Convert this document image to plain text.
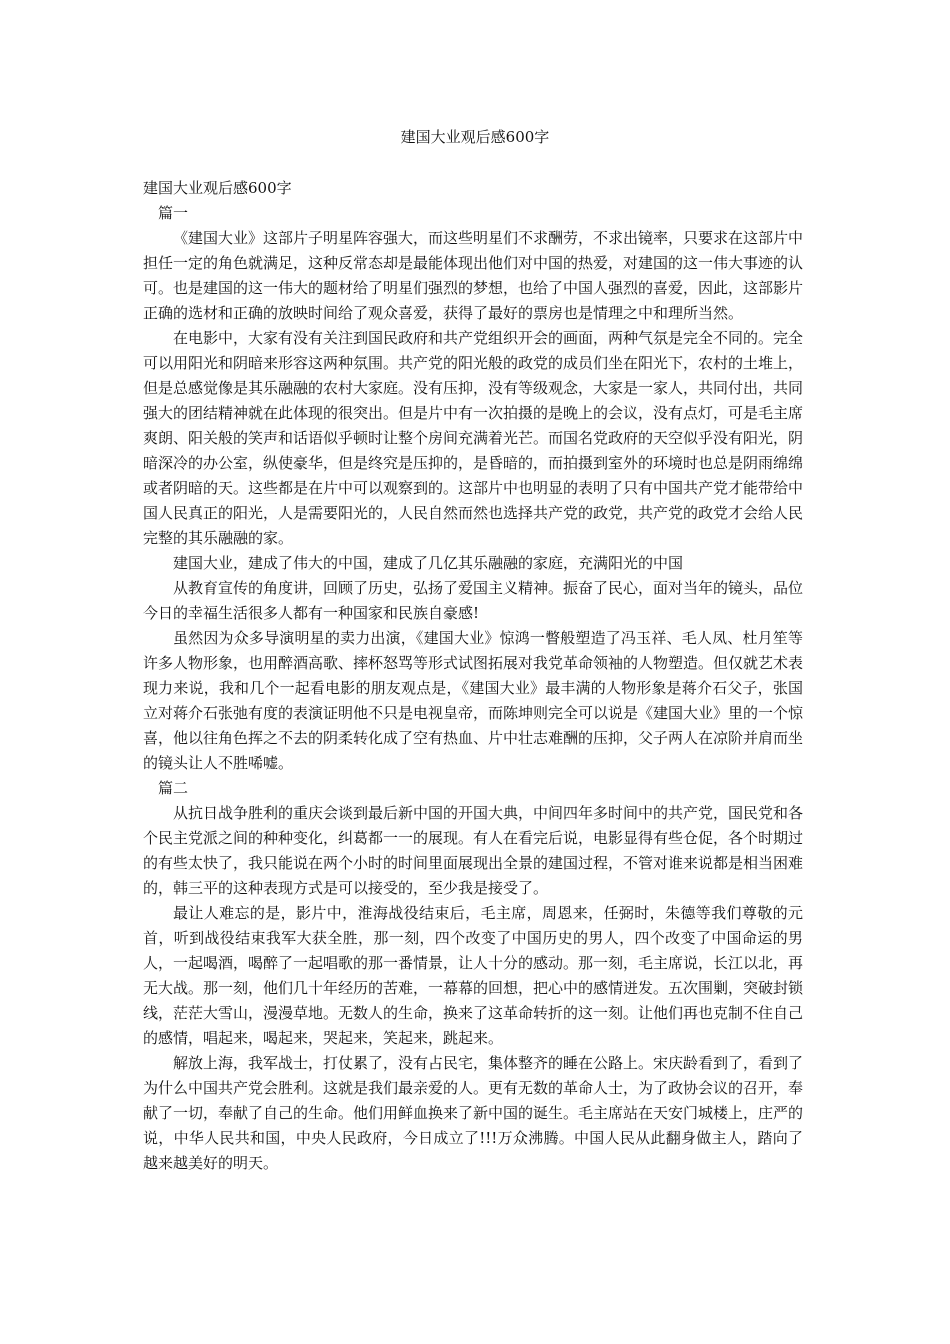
建国大业观后感600字

建国大业观后感600字

篇一

《建国大业》这部片子明星阵容强大，而这些明星们不求酬劳，不求出镜率，只要求在这部片中担任一定的角色就满足，这种反常态却是最能体现出他们对中国的热爱，对建国的这一伟大事迹的认可。也是建国的这一伟大的题材给了明星们强烈的梦想，也给了中国人强烈的喜爱，因此，这部影片正确的选材和正确的放映时间给了观众喜爱，获得了最好的票房也是情理之中和理所当然。

在电影中，大家有没有关注到国民政府和共产党组织开会的画面，两种气氛是完全不同的。完全可以用阳光和阴暗来形容这两种氛围。共产党的阳光般的政党的成员们坐在阳光下，农村的土堆上，但是总感觉像是其乐融融的农村大家庭。没有压抑，没有等级观念，大家是一家人，共同付出，共同强大的团结精神就在此体现的很突出。但是片中有一次拍摄的是晚上的会议，没有点灯，可是毛主席爽朗、阳关般的笑声和话语似乎顿时让整个房间充满着光芒。而国名党政府的天空似乎没有阳光，阴暗深冷的办公室，纵使豪华，但是终究是压抑的，是昏暗的，而拍摄到室外的环境时也总是阴雨绵绵或者阴暗的天。这些都是在片中可以观察到的。这部片中也明显的表明了只有中国共产党才能带给中国人民真正的阳光，人是需要阳光的，人民自然而然也选择共产党的政党，共产党的政党才会给人民完整的其乐融融的家。

建国大业，建成了伟大的中国，建成了几亿其乐融融的家庭，充满阳光的中国

从教育宣传的角度讲，回顾了历史，弘扬了爱国主义精神。振奋了民心，面对当年的镜头，品位今日的幸福生活很多人都有一种国家和民族自豪感!

虽然因为众多导演明星的卖力出演，《建国大业》惊鸿一瞥般塑造了冯玉祥、毛人凤、杜月笙等许多人物形象，也用醉酒高歌、摔杯怒骂等形式试图拓展对我党革命领袖的人物塑造。但仅就艺术表现力来说，我和几个一起看电影的朋友观点是，《建国大业》最丰满的人物形象是蒋介石父子，张国立对蒋介石张弛有度的表演证明他不只是电视皇帝，而陈坤则完全可以说是《建国大业》里的一个惊喜，他以往角色挥之不去的阴柔转化成了空有热血、片中壮志难酬的压抑，父子两人在凉阶并肩而坐的镜头让人不胜唏嘘。

篇二

从抗日战争胜利的重庆会谈到最后新中国的开国大典，中间四年多时间中的共产党，国民党和各个民主党派之间的种种变化，纠葛都一一的展现。有人在看完后说，电影显得有些仓促，各个时期过的有些太快了，我只能说在两个小时的时间里面展现出全景的建国过程，不管对谁来说都是相当困难的，韩三平的这种表现方式是可以接受的，至少我是接受了。

最让人难忘的是，影片中，淮海战役结束后，毛主席，周恩来，任弼时，朱德等我们尊敬的元首，听到战役结束我军大获全胜，那一刻，四个改变了中国历史的男人，四个改变了中国命运的男人，一起喝酒，喝醉了一起唱歌的那一番情景，让人十分的感动。那一刻，毛主席说，长江以北，再无大战。那一刻，他们几十年经历的苦难，一幕幕的回想，把心中的感情迸发。五次围剿，突破封锁线，茫茫大雪山，漫漫草地。无数人的生命，换来了这革命转折的这一刻。让他们再也克制不住自己的感情，唱起来，喝起来，哭起来，笑起来，跳起来。

解放上海，我军战士，打仗累了，没有占民宅，集体整齐的睡在公路上。宋庆龄看到了，看到了为什么中国共产党会胜利。这就是我们最亲爱的人。更有无数的革命人士，为了政协会议的召开，奉献了一切，奉献了自己的生命。他们用鲜血换来了新中国的诞生。毛主席站在天安门城楼上，庄严的说，中华人民共和国，中央人民政府，今日成立了!!!万众沸腾。中国人民从此翻身做主人，踏向了越来越美好的明天。
